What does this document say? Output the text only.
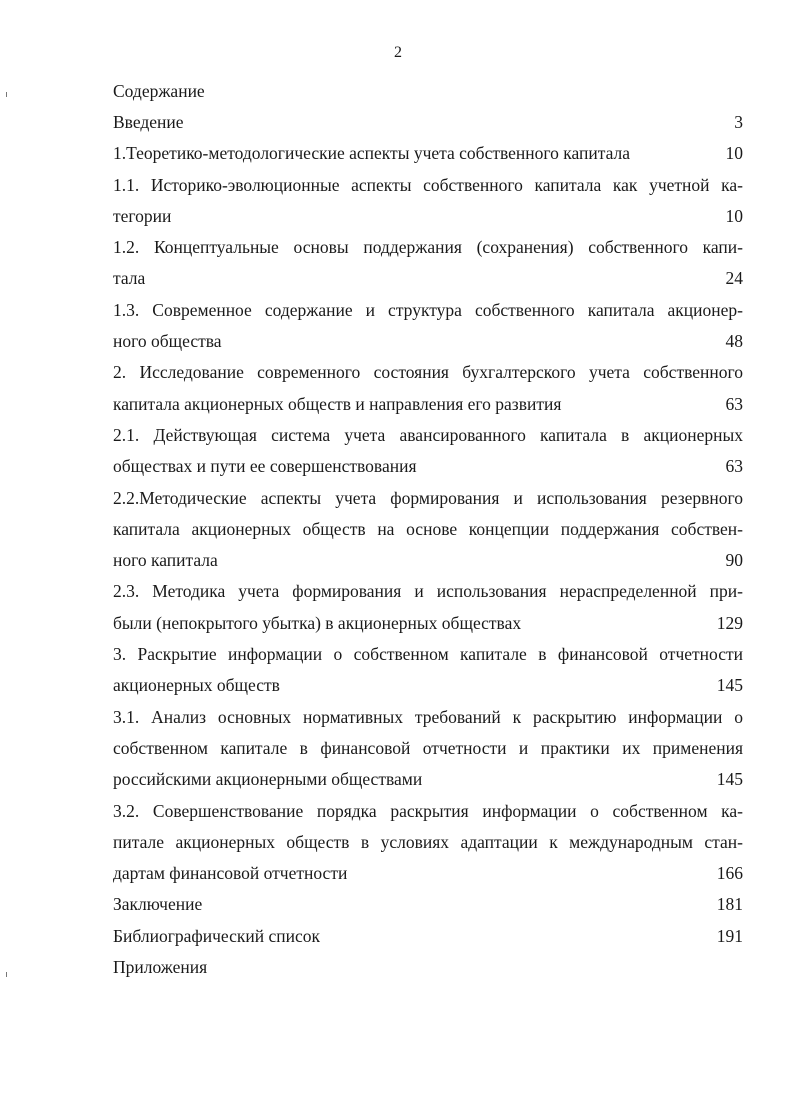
2
Содержание
Введение	3
1.Теоретико-методологические аспекты учета собственного капитала	10
1.1. Историко-эволюционные аспекты собственного капитала как учетной ка-
тегории	10
1.2. Концептуальные основы поддержания (сохранения) собственного капи-
тала	24
1.3. Современное содержание и структура собственного капитала акционер-
ного общества	48
2. Исследование современного состояния бухгалтерского учета собственного
капитала акционерных обществ и направления его развития	63
2.1. Действующая система учета авансированного капитала в акционерных
обществах и пути ее совершенствования	63
2.2.Методические аспекты учета формирования и использования резервного
капитала акционерных обществ на основе концепции поддержания собствен-
ного капитала	90
2.3. Методика учета формирования и использования нераспределенной при-
были (непокрытого убытка) в акционерных обществах	129
3. Раскрытие информации о собственном капитале в финансовой отчетности
акционерных обществ	145
3.1. Анализ основных нормативных требований к раскрытию информации о
собственном капитале в финансовой отчетности и практики их применения
российскими акционерными обществами	145
3.2. Совершенствование порядка раскрытия информации о собственном ка-
питале акционерных обществ в условиях адаптации к международным стан-
дартам финансовой отчетности	166
Заключение	181
Библиографический список	191
Приложения
